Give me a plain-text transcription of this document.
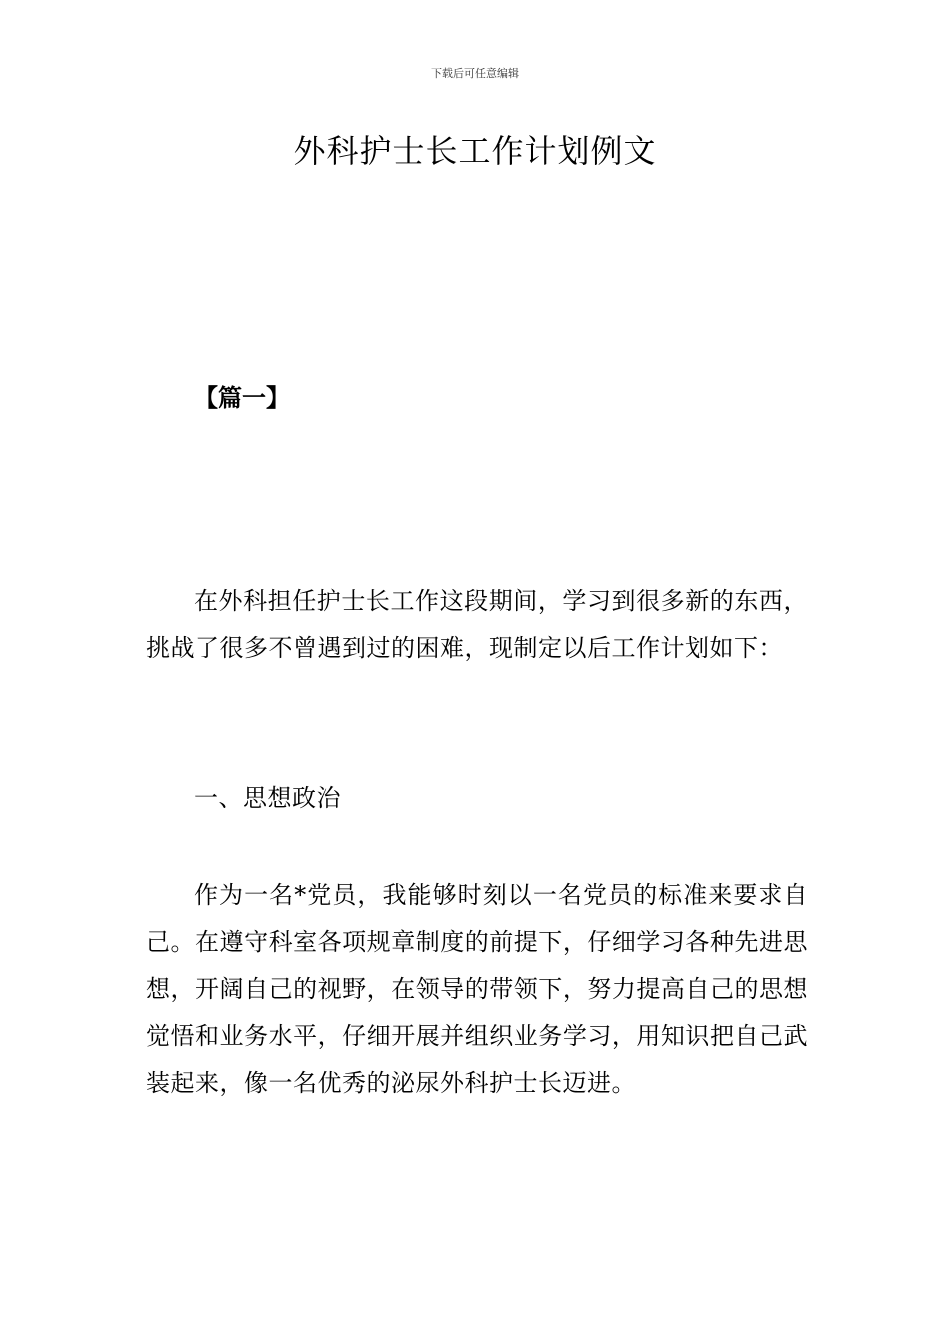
下载后可任意编辑
外科护士长工作计划例文
【篇一】

在外科担任护士长工作这段期间，学习到很多新的东西，挑战了很多不曾遇到过的困难，现制定以后工作计划如下：

一、思想政治

作为一名*党员，我能够时刻以一名党员的标准来要求自己。在遵守科室各项规章制度的前提下，仔细学习各种先进思想，开阔自己的视野，在领导的带领下，努力提高自己的思想觉悟和业务水平，仔细开展并组织业务学习，用知识把自己武装起来，像一名优秀的泌尿外科护士长迈进。
